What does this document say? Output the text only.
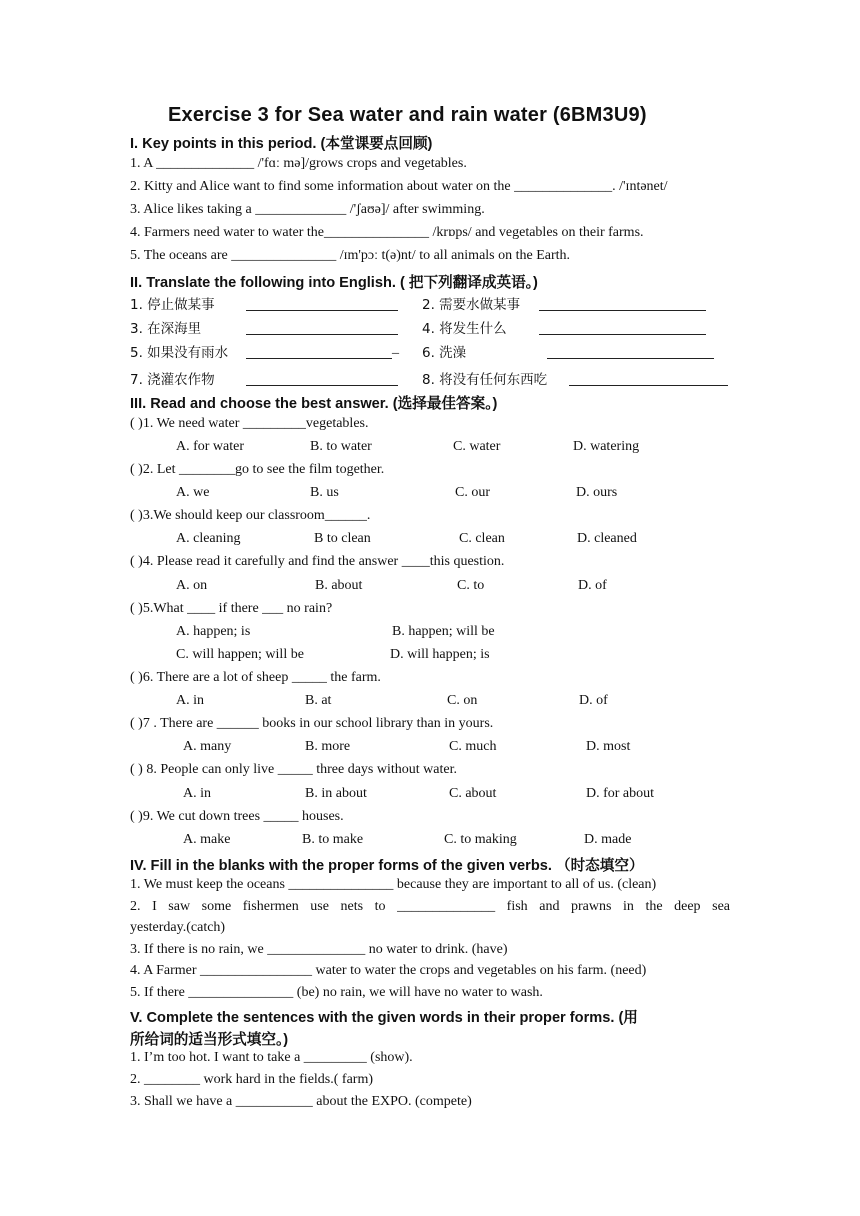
Exercise 3 for Sea water and rain water (6BM3U9)
I. Key points in this period. (本堂课要点回顾)
1. A ______________ /'fɑː mə]/grows crops and vegetables.
2. Kitty and Alice want to find some information about water on the ______________. /'ɪntənet/
3. Alice likes taking a _____________ /'ʃaʊə]/ after swimming.
4. Farmers need water to water the_______________ /krɒps/ and vegetables on their farms.
5. The oceans are _______________ /ɪm'pɔː t(ə)nt/ to all animals on the Earth.
II. Translate the following into English. ( 把下列翻译成英语。)
1. 停止做某事	2. 需要水做某事
3. 在深海里	4. 将发生什么
5. 如果没有雨水	_ 6. 洗澡
7. 浇灌农作物	8. 将没有任何东西吃
III. Read and choose the best answer. (选择最佳答案。)
( )1. We need water _________vegetables.
A. for water	B. to water	C. water	D. watering
( )2. Let ________go to see the film together.
A. we	B. us	C. our	D. ours
( )3.We should keep our classroom______.
A. cleaning	B to clean	C. clean	D. cleaned
( )4. Please read it carefully and find the answer ____this question.
A. on	B. about	C. to	D. of
( )5.What ____ if there ___ no rain?
A. happen; is	B. happen; will be
C. will happen; will be	D. will happen; is
( )6. There are a lot of sheep _____ the farm.
A. in	B. at	C. on	D. of
( )7 . There are ______ books in our school library than in yours.
A. many	B. more	C. much	D. most
( ) 8. People can only live _____ three days without water.
A. in	B. in about	C. about	D. for about
( )9. We cut down trees _____ houses.
A. make	B. to make	C. to making	D. made
IV. Fill in the blanks with the proper forms of the given verbs. （时态填空）
1. We must keep the oceans _______________ because they are important to all of us. (clean)
2. I saw some fishermen use nets to ______________ fish and prawns in the deep sea
yesterday.(catch)
3. If there is no rain, we ______________ no water to drink. (have)
4. A Farmer ________________ water to water the crops and vegetables on his farm. (need)
5. If there _______________ (be) no rain, we will have no water to wash.
V. Complete the sentences with the given words in their proper forms. (用
所给词的适当形式填空。)
1. I’m too hot. I want to take a _________ (show).
2. ________ work hard in the fields.( farm)
3. Shall we have a ___________ about the EXPO. (compete)
